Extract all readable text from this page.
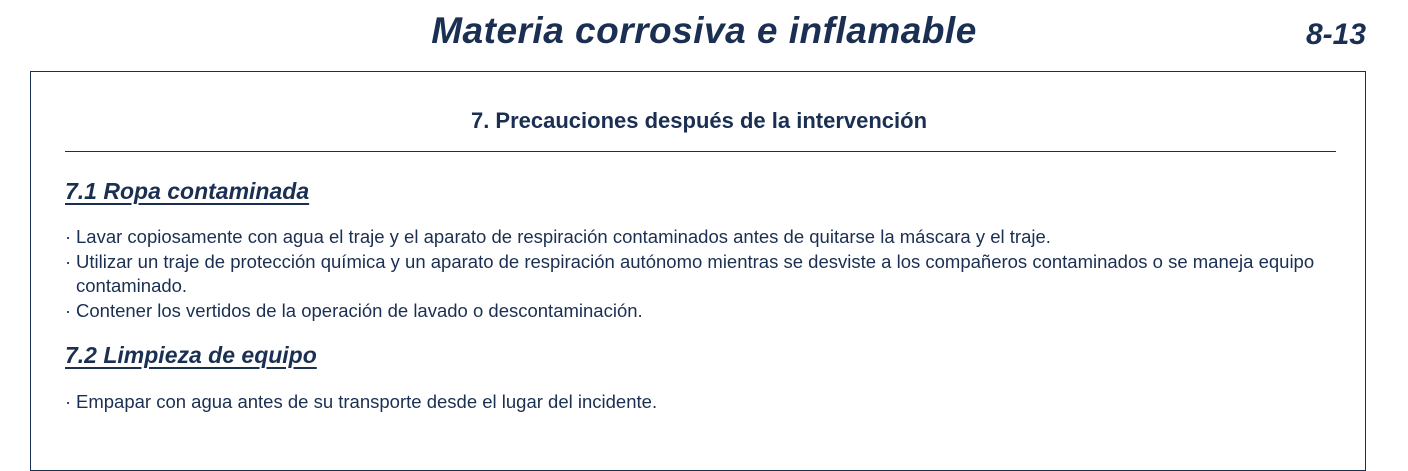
Materia corrosiva e inflamable	8-13
7. Precauciones después de la intervención
7.1 Ropa contaminada
· Lavar copiosamente con agua el traje y el aparato de respiración contaminados antes de quitarse la máscara y el traje.
· Utilizar un traje de protección química y un aparato de respiración autónomo mientras se desviste a los compañeros contaminados o se maneja equipo contaminado.
· Contener los vertidos de la operación de lavado o descontaminación.
7.2 Limpieza de equipo
· Empapar con agua antes de su transporte desde el lugar del incidente.
